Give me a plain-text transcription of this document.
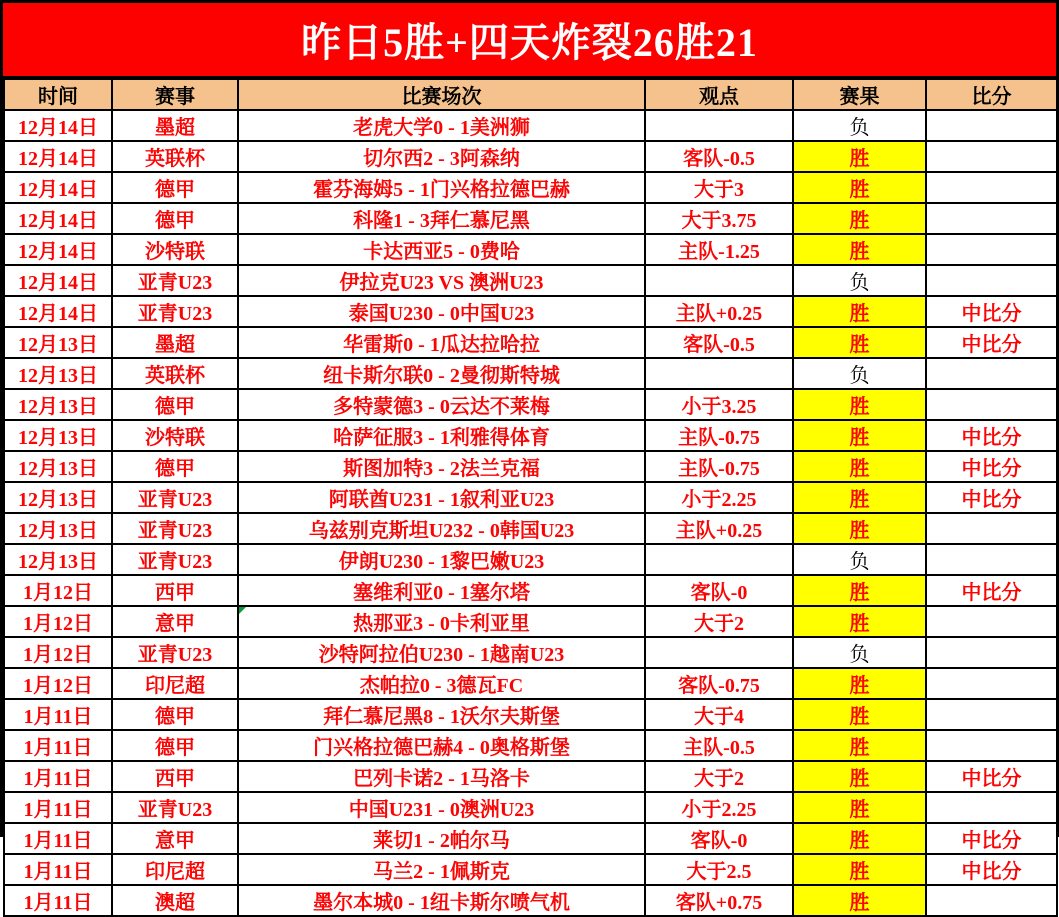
昨日5胜+四天炸裂26胜21
时间	赛事	比赛场次	观点	赛果	比分
12月14日	墨超	老虎大学0 - 1美洲狮		负	
12月14日	英联杯	切尔西2 - 3阿森纳	客队-0.5	胜	
12月14日	德甲	霍芬海姆5 - 1门兴格拉德巴赫	大于3	胜	
12月14日	德甲	科隆1 - 3拜仁慕尼黑	大于3.75	胜	
12月14日	沙特联	卡达西亚5 - 0费哈	主队-1.25	胜	
12月14日	亚青U23	伊拉克U23 VS 澳洲U23		负	
12月14日	亚青U23	泰国U230 - 0中国U23	主队+0.25	胜	中比分
12月13日	墨超	华雷斯0 - 1瓜达拉哈拉	客队-0.5	胜	中比分
12月13日	英联杯	纽卡斯尔联0 - 2曼彻斯特城		负	
12月13日	德甲	多特蒙德3 - 0云达不莱梅	小于3.25	胜	
12月13日	沙特联	哈萨征服3 - 1利雅得体育	主队-0.75	胜	中比分
12月13日	德甲	斯图加特3 - 2法兰克福	主队-0.75	胜	中比分
12月13日	亚青U23	阿联酋U231 - 1叙利亚U23	小于2.25	胜	中比分
12月13日	亚青U23	乌兹别克斯坦U232 - 0韩国U23	主队+0.25	胜	
12月13日	亚青U23	伊朗U230 - 1黎巴嫩U23		负	
1月12日	西甲	塞维利亚0 - 1塞尔塔	客队-0	胜	中比分
1月12日	意甲	热那亚3 - 0卡利亚里	大于2	胜	
1月12日	亚青U23	沙特阿拉伯U230 - 1越南U23		负	
1月12日	印尼超	杰帕拉0 - 3德瓦FC	客队-0.75	胜	
1月11日	德甲	拜仁慕尼黑8 - 1沃尔夫斯堡	大于4	胜	
1月11日	德甲	门兴格拉德巴赫4 - 0奥格斯堡	主队-0.5	胜	
1月11日	西甲	巴列卡诺2 - 1马洛卡	大于2	胜	中比分
1月11日	亚青U23	中国U231 - 0澳洲U23	小于2.25	胜	
1月11日	意甲	莱切1 - 2帕尔马	客队-0	胜	中比分
1月11日	印尼超	马兰2 - 1佩斯克	大于2.5	胜	中比分
1月11日	澳超	墨尔本城0 - 1纽卡斯尔喷气机	客队+0.75	胜	
